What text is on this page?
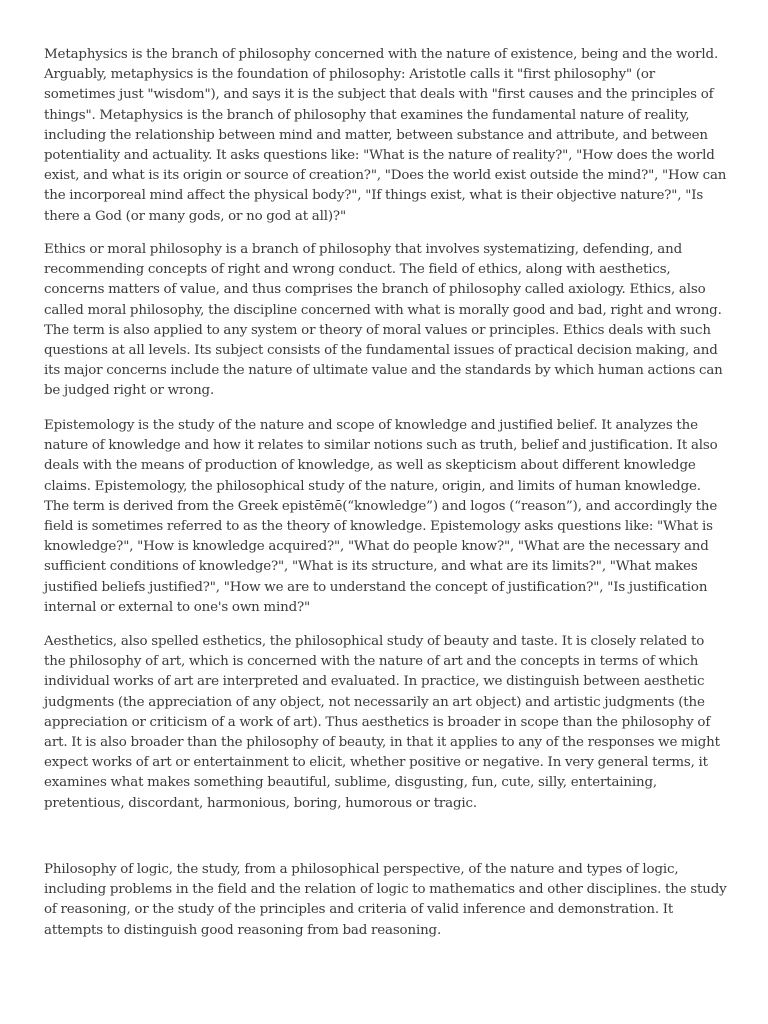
Metaphysics is the branch of philosophy concerned with the nature of existence, being and the world. Arguably, metaphysics is the foundation of philosophy: Aristotle calls it "first philosophy" (or sometimes just "wisdom"), and says it is the subject that deals with "first causes and the principles of things". Metaphysics is the branch of philosophy that examines the fundamental nature of reality, including the relationship between mind and matter, between substance and attribute, and between potentiality and actuality. It asks questions like: "What is the nature of reality?", "How does the world exist, and what is its origin or source of creation?", "Does the world exist outside the mind?", "How can the incorporeal mind affect the physical body?", "If things exist, what is their objective nature?", "Is there a God (or many gods, or no god at all)?"

Ethics or moral philosophy is a branch of philosophy that involves systematizing, defending, and recommending concepts of right and wrong conduct. The field of ethics, along with aesthetics, concerns matters of value, and thus comprises the branch of philosophy called axiology. Ethics, also called moral philosophy, the discipline concerned with what is morally good and bad, right and wrong. The term is also applied to any system or theory of moral values or principles. Ethics deals with such questions at all levels. Its subject consists of the fundamental issues of practical decision making, and its major concerns include the nature of ultimate value and the standards by which human actions can be judged right or wrong.

Epistemology is the study of the nature and scope of knowledge and justified belief. It analyzes the nature of knowledge and how it relates to similar notions such as truth, belief and justification. It also deals with the means of production of knowledge, as well as skepticism about different knowledge claims. Epistemology, the philosophical study of the nature, origin, and limits of human knowledge. The term is derived from the Greek epistēmē(“knowledge”) and logos (“reason”), and accordingly the field is sometimes referred to as the theory of knowledge. Epistemology asks questions like: "What is knowledge?", "How is knowledge acquired?", "What do people know?", "What are the necessary and sufficient conditions of knowledge?", "What is its structure, and what are its limits?", "What makes justified beliefs justified?", "How we are to understand the concept of justification?", "Is justification internal or external to one's own mind?"

Aesthetics, also spelled esthetics, the philosophical study of beauty and taste. It is closely related to the philosophy of art, which is concerned with the nature of art and the concepts in terms of which individual works of art are interpreted and evaluated. In practice, we distinguish between aesthetic judgments (the appreciation of any object, not necessarily an art object) and artistic judgments (the appreciation or criticism of a work of art). Thus aesthetics is broader in scope than the philosophy of art. It is also broader than the philosophy of beauty, in that it applies to any of the responses we might expect works of art or entertainment to elicit, whether positive or negative. In very general terms, it examines what makes something beautiful, sublime, disgusting, fun, cute, silly, entertaining, pretentious, discordant, harmonious, boring, humorous or tragic.

Philosophy of logic, the study, from a philosophical perspective, of the nature and types of logic, including problems in the field and the relation of logic to mathematics and other disciplines. the study of reasoning, or the study of the principles and criteria of valid inference and demonstration. It attempts to distinguish good reasoning from bad reasoning.
